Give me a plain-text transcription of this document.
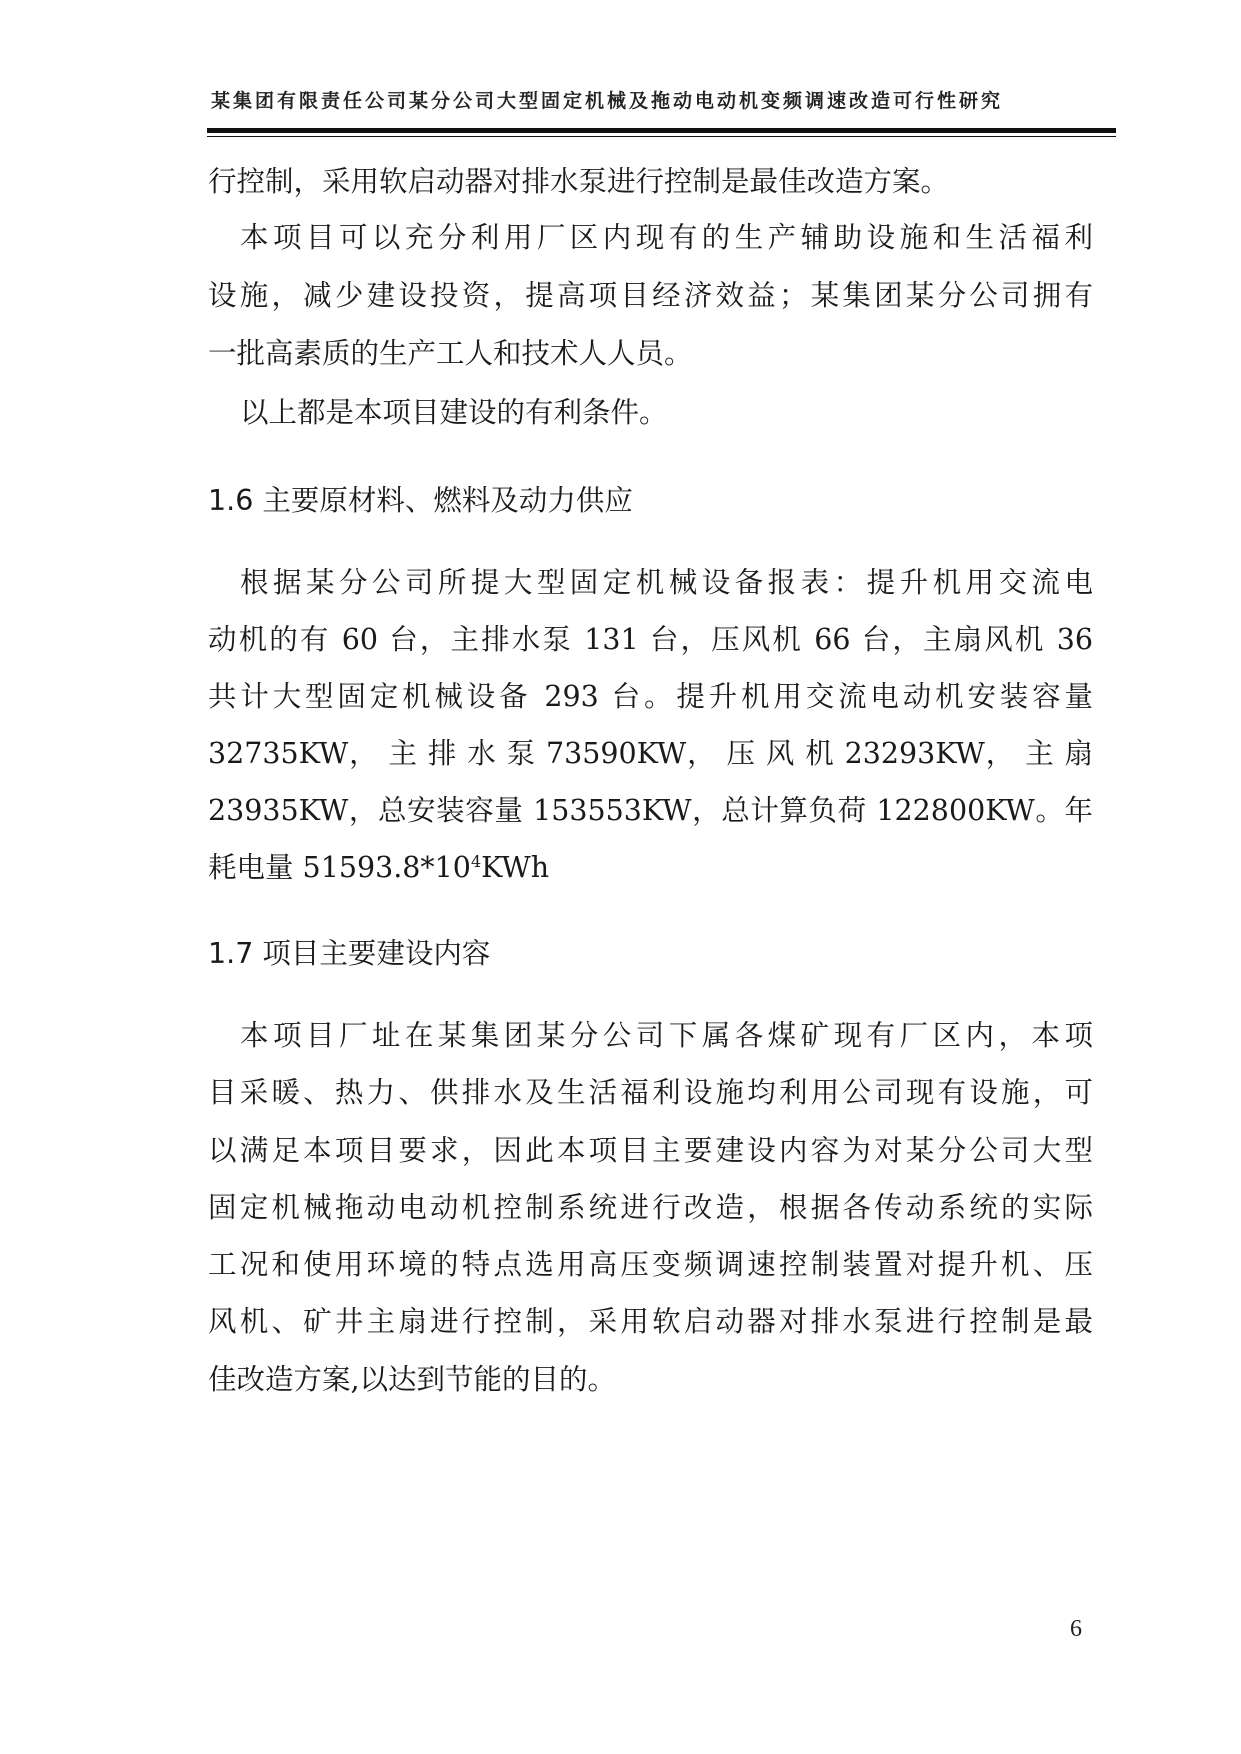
某集团有限责任公司某分公司大型固定机械及拖动电动机变频调速改造可行性研究
行控制，采用软启动器对排水泵进行控制是最佳改造方案。
本项目可以充分利用厂区内现有的生产辅助设施和生活福利
设施，减少建设投资，提高项目经济效益；某集团某分公司拥有
一批高素质的生产工人和技术人人员。
以上都是本项目建设的有利条件。
1.6 主要原材料、燃料及动力供应
根据某分公司所提大型固定机械设备报表：提升机用交流电
动机的有 60 台，主排水泵 131 台，压风机 66 台，主扇风机 36
共计大型固定机械设备 293 台。提升机用交流电动机安装容量
32735KW， 主 排 水 泵 73590KW， 压 风 机 23293KW， 主 扇
23935KW，总安装容量 153553KW，总计算负荷 122800KW。年
耗电量 $51593.8*10^4KWh$
1.7 项目主要建设内容
本项目厂址在某集团某分公司下属各煤矿现有厂区内，本项
目采暖、热力、供排水及生活福利设施均利用公司现有设施，可
以满足本项目要求，因此本项目主要建设内容为对某分公司大型
固定机械拖动电动机控制系统进行改造，根据各传动系统的实际
工况和使用环境的特点选用高压变频调速控制装置对提升机、压
风机、矿井主扇进行控制，采用软启动器对排水泵进行控制是最
佳改造方案,以达到节能的目的。
6
